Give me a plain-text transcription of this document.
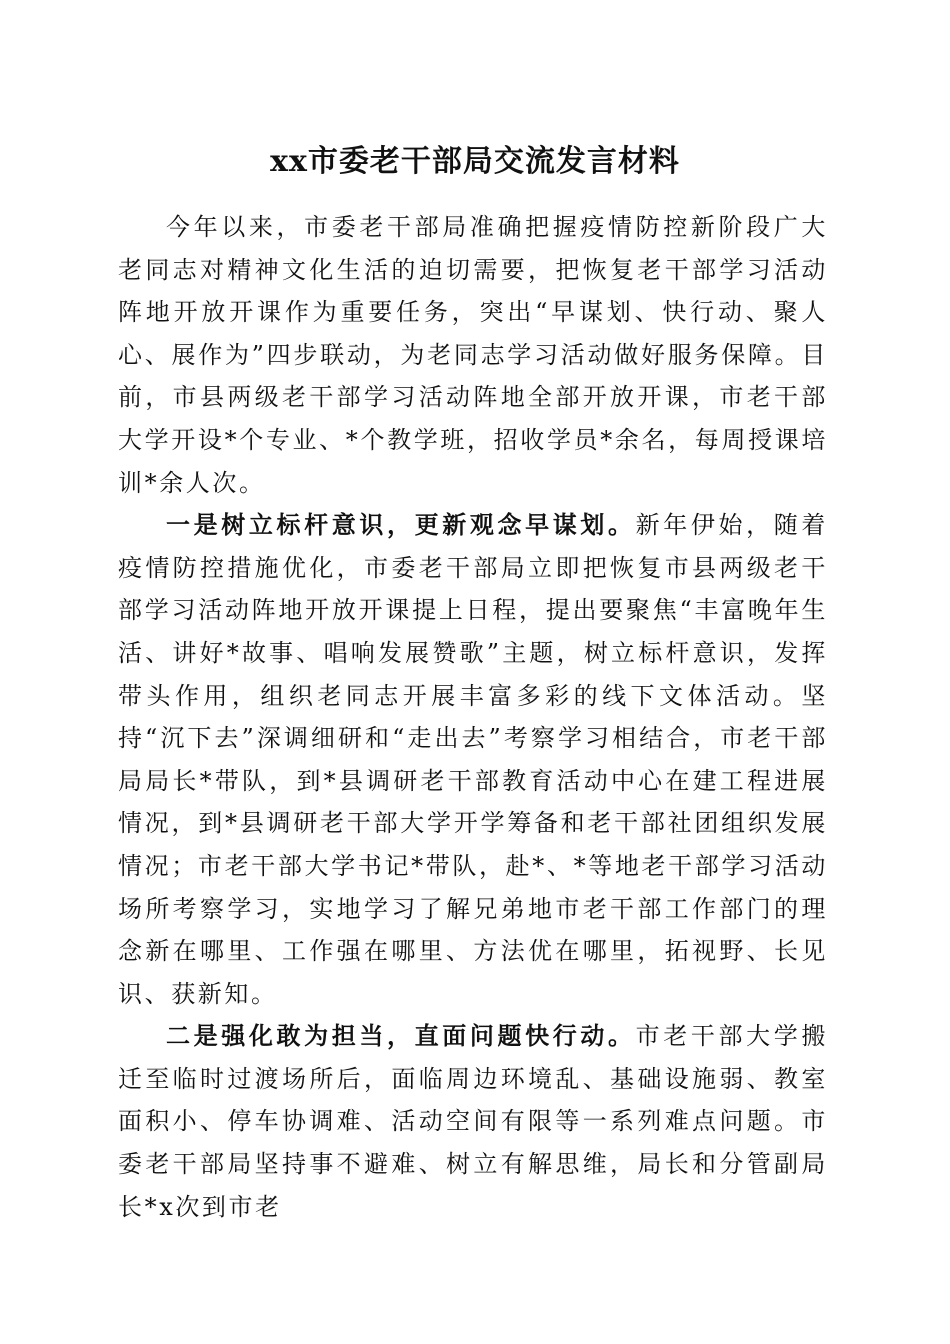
xx市委老干部局交流发言材料

今年以来，市委老干部局准确把握疫情防控新阶段广大老同志对精神文化生活的迫切需要，把恢复老干部学习活动阵地开放开课作为重要任务，突出“早谋划、快行动、聚人心、展作为”四步联动，为老同志学习活动做好服务保障。目前，市县两级老干部学习活动阵地全部开放开课，市老干部大学开设*个专业、*个教学班，招收学员*余名，每周授课培训*余人次。

一是树立标杆意识，更新观念早谋划。新年伊始，随着疫情防控措施优化，市委老干部局立即把恢复市县两级老干部学习活动阵地开放开课提上日程，提出要聚焦“丰富晚年生活、讲好*故事、唱响发展赞歌”主题，树立标杆意识，发挥带头作用，组织老同志开展丰富多彩的线下文体活动。坚持“沉下去”深调细研和“走出去”考察学习相结合，市老干部局局长*带队，到*县调研老干部教育活动中心在建工程进展情况，到*县调研老干部大学开学筹备和老干部社团组织发展情况；市老干部大学书记*带队，赴*、*等地老干部学习活动场所考察学习，实地学习了解兄弟地市老干部工作部门的理念新在哪里、工作强在哪里、方法优在哪里，拓视野、长见识、获新知。

二是强化敢为担当，直面问题快行动。市老干部大学搬迁至临时过渡场所后，面临周边环境乱、基础设施弱、教室面积小、停车协调难、活动空间有限等一系列难点问题。市委老干部局坚持事不避难、树立有解思维，局长和分管副局长*x次到市老
